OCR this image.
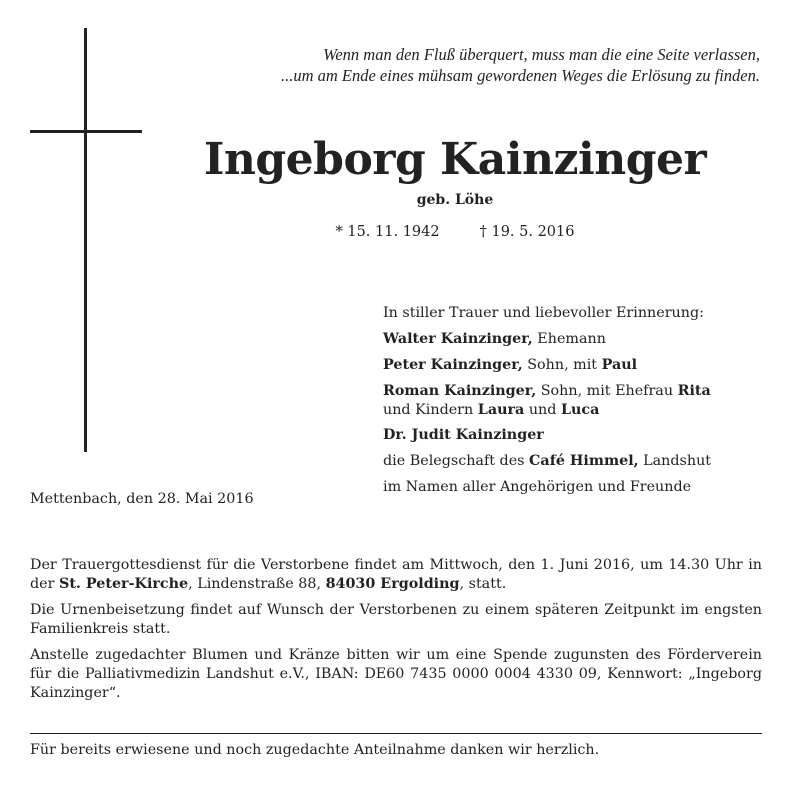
Wenn man den Fluß überquert, muss man die eine Seite verlassen,
...um am Ende eines mühsam gewordenen Weges die Erlösung zu finden.
Ingeborg Kainzinger
geb. Löhe
* 15. 11. 1942	† 19. 5. 2016
In stiller Trauer und liebevoller Erinnerung:
Walter Kainzinger, Ehemann
Peter Kainzinger, Sohn, mit Paul
Roman Kainzinger, Sohn, mit Ehefrau Rita
und Kindern Laura und Luca
Dr. Judit Kainzinger
die Belegschaft des Café Himmel, Landshut
im Namen aller Angehörigen und Freunde
Mettenbach, den 28. Mai 2016

Der Trauergottesdienst für die Verstorbene findet am Mittwoch, den 1. Juni 2016, um 14.30 Uhr in der St. Peter-Kirche, Lindenstraße 88, 84030 Ergolding, statt.

Die Urnenbeisetzung findet auf Wunsch der Verstorbenen zu einem späteren Zeitpunkt im engsten Familienkreis statt.

Anstelle zugedachter Blumen und Kränze bitten wir um eine Spende zugunsten des Förderverein für die Palliativmedizin Landshut e.V., IBAN: DE60 7435 0000 0004 4330 09, Kennwort: „Ingeborg Kainzinger“.

Für bereits erwiesene und noch zugedachte Anteilnahme danken wir herzlich.
